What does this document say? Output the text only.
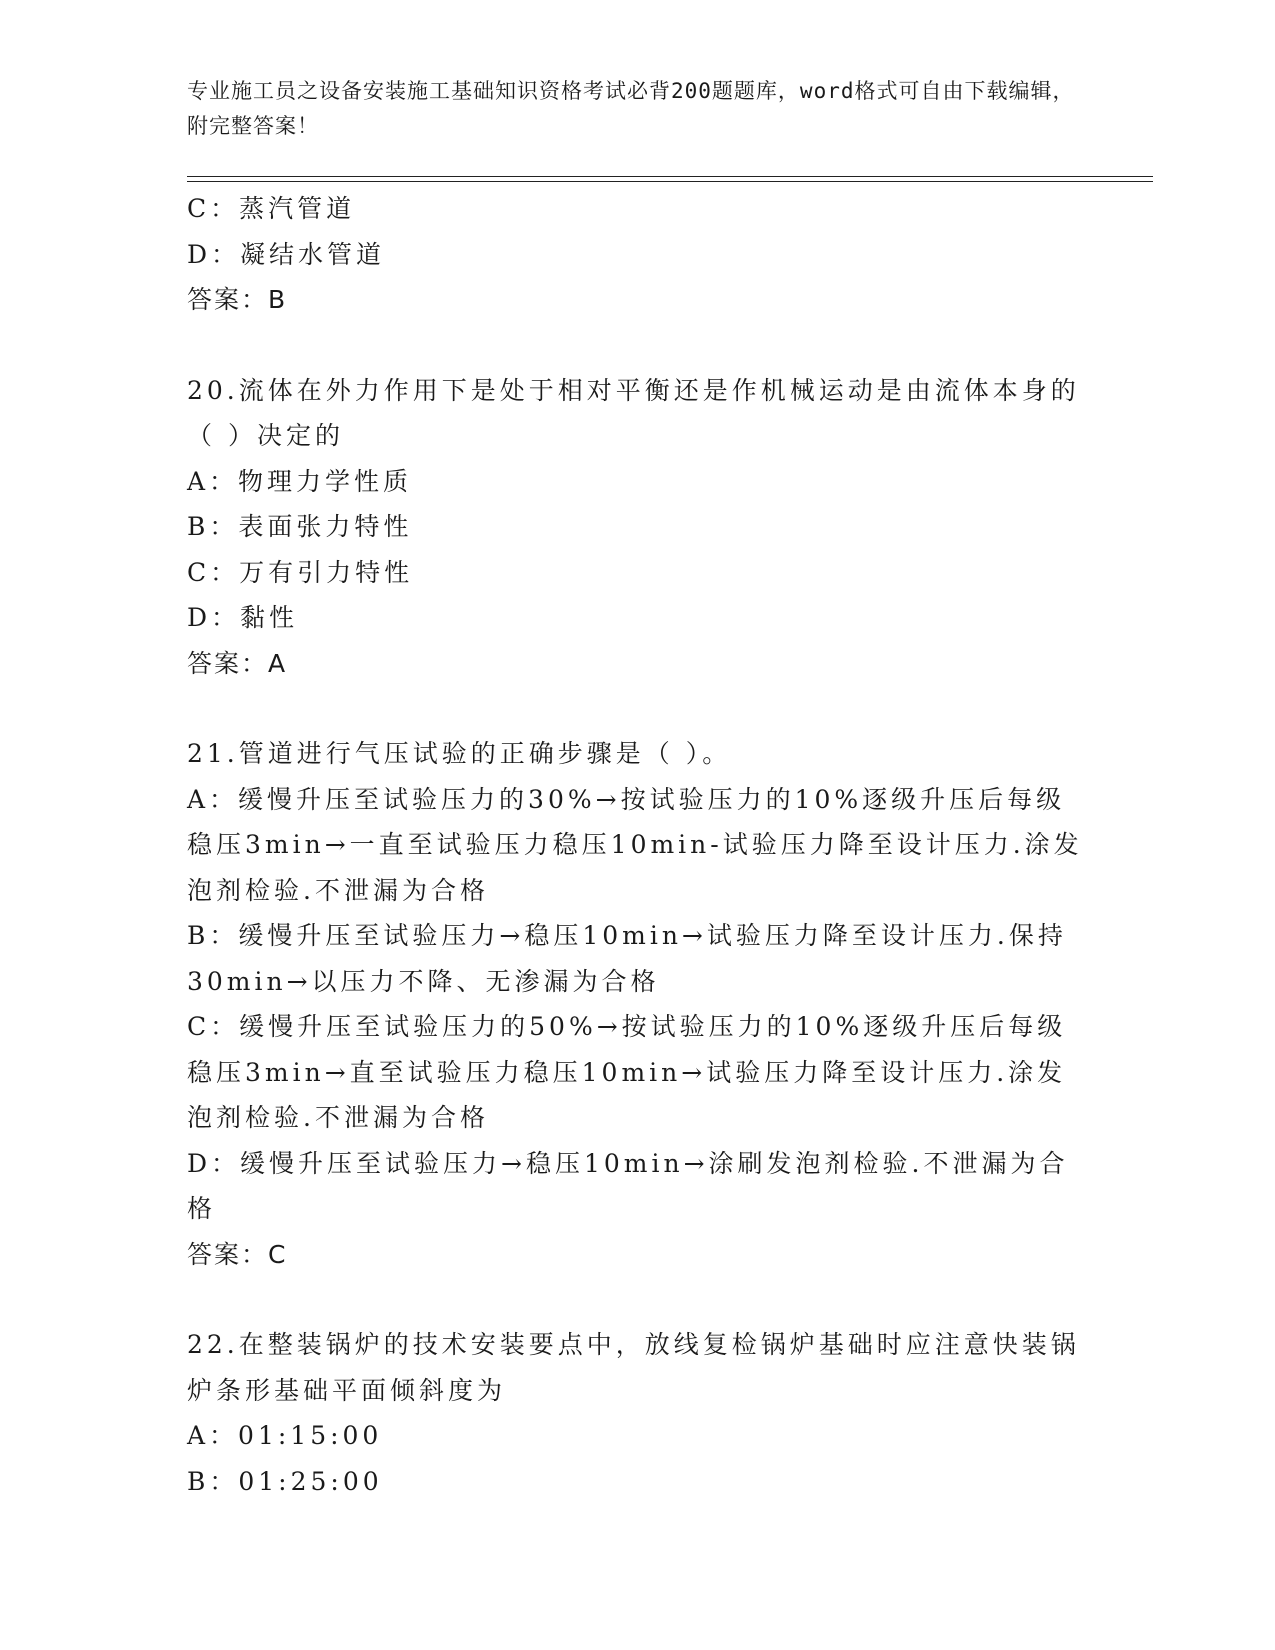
专业施工员之设备安装施工基础知识资格考试必背200题题库，word格式可自由下载编辑，附完整答案！

C：蒸汽管道

D：凝结水管道

答案：B

20.流体在外力作用下是处于相对平衡还是作机械运动是由流体本身的（ ）决定的

A：物理力学性质

B：表面张力特性

C：万有引力特性

D：黏性

答案：A

21.管道进行气压试验的正确步骤是（ ）。

A：缓慢升压至试验压力的30%→按试验压力的10%逐级升压后每级稳压3min→一直至试验压力稳压10min-试验压力降至设计压力.涂发泡剂检验.不泄漏为合格

B：缓慢升压至试验压力→稳压10min→试验压力降至设计压力.保持30min→以压力不降、无渗漏为合格

C：缓慢升压至试验压力的50%→按试验压力的10%逐级升压后每级稳压3min→直至试验压力稳压10min→试验压力降至设计压力.涂发泡剂检验.不泄漏为合格

D：缓慢升压至试验压力→稳压10min→涂刷发泡剂检验.不泄漏为合格

答案：C

22.在整装锅炉的技术安装要点中，放线复检锅炉基础时应注意快装锅炉条形基础平面倾斜度为

A：01:15:00

B：01:25:00
